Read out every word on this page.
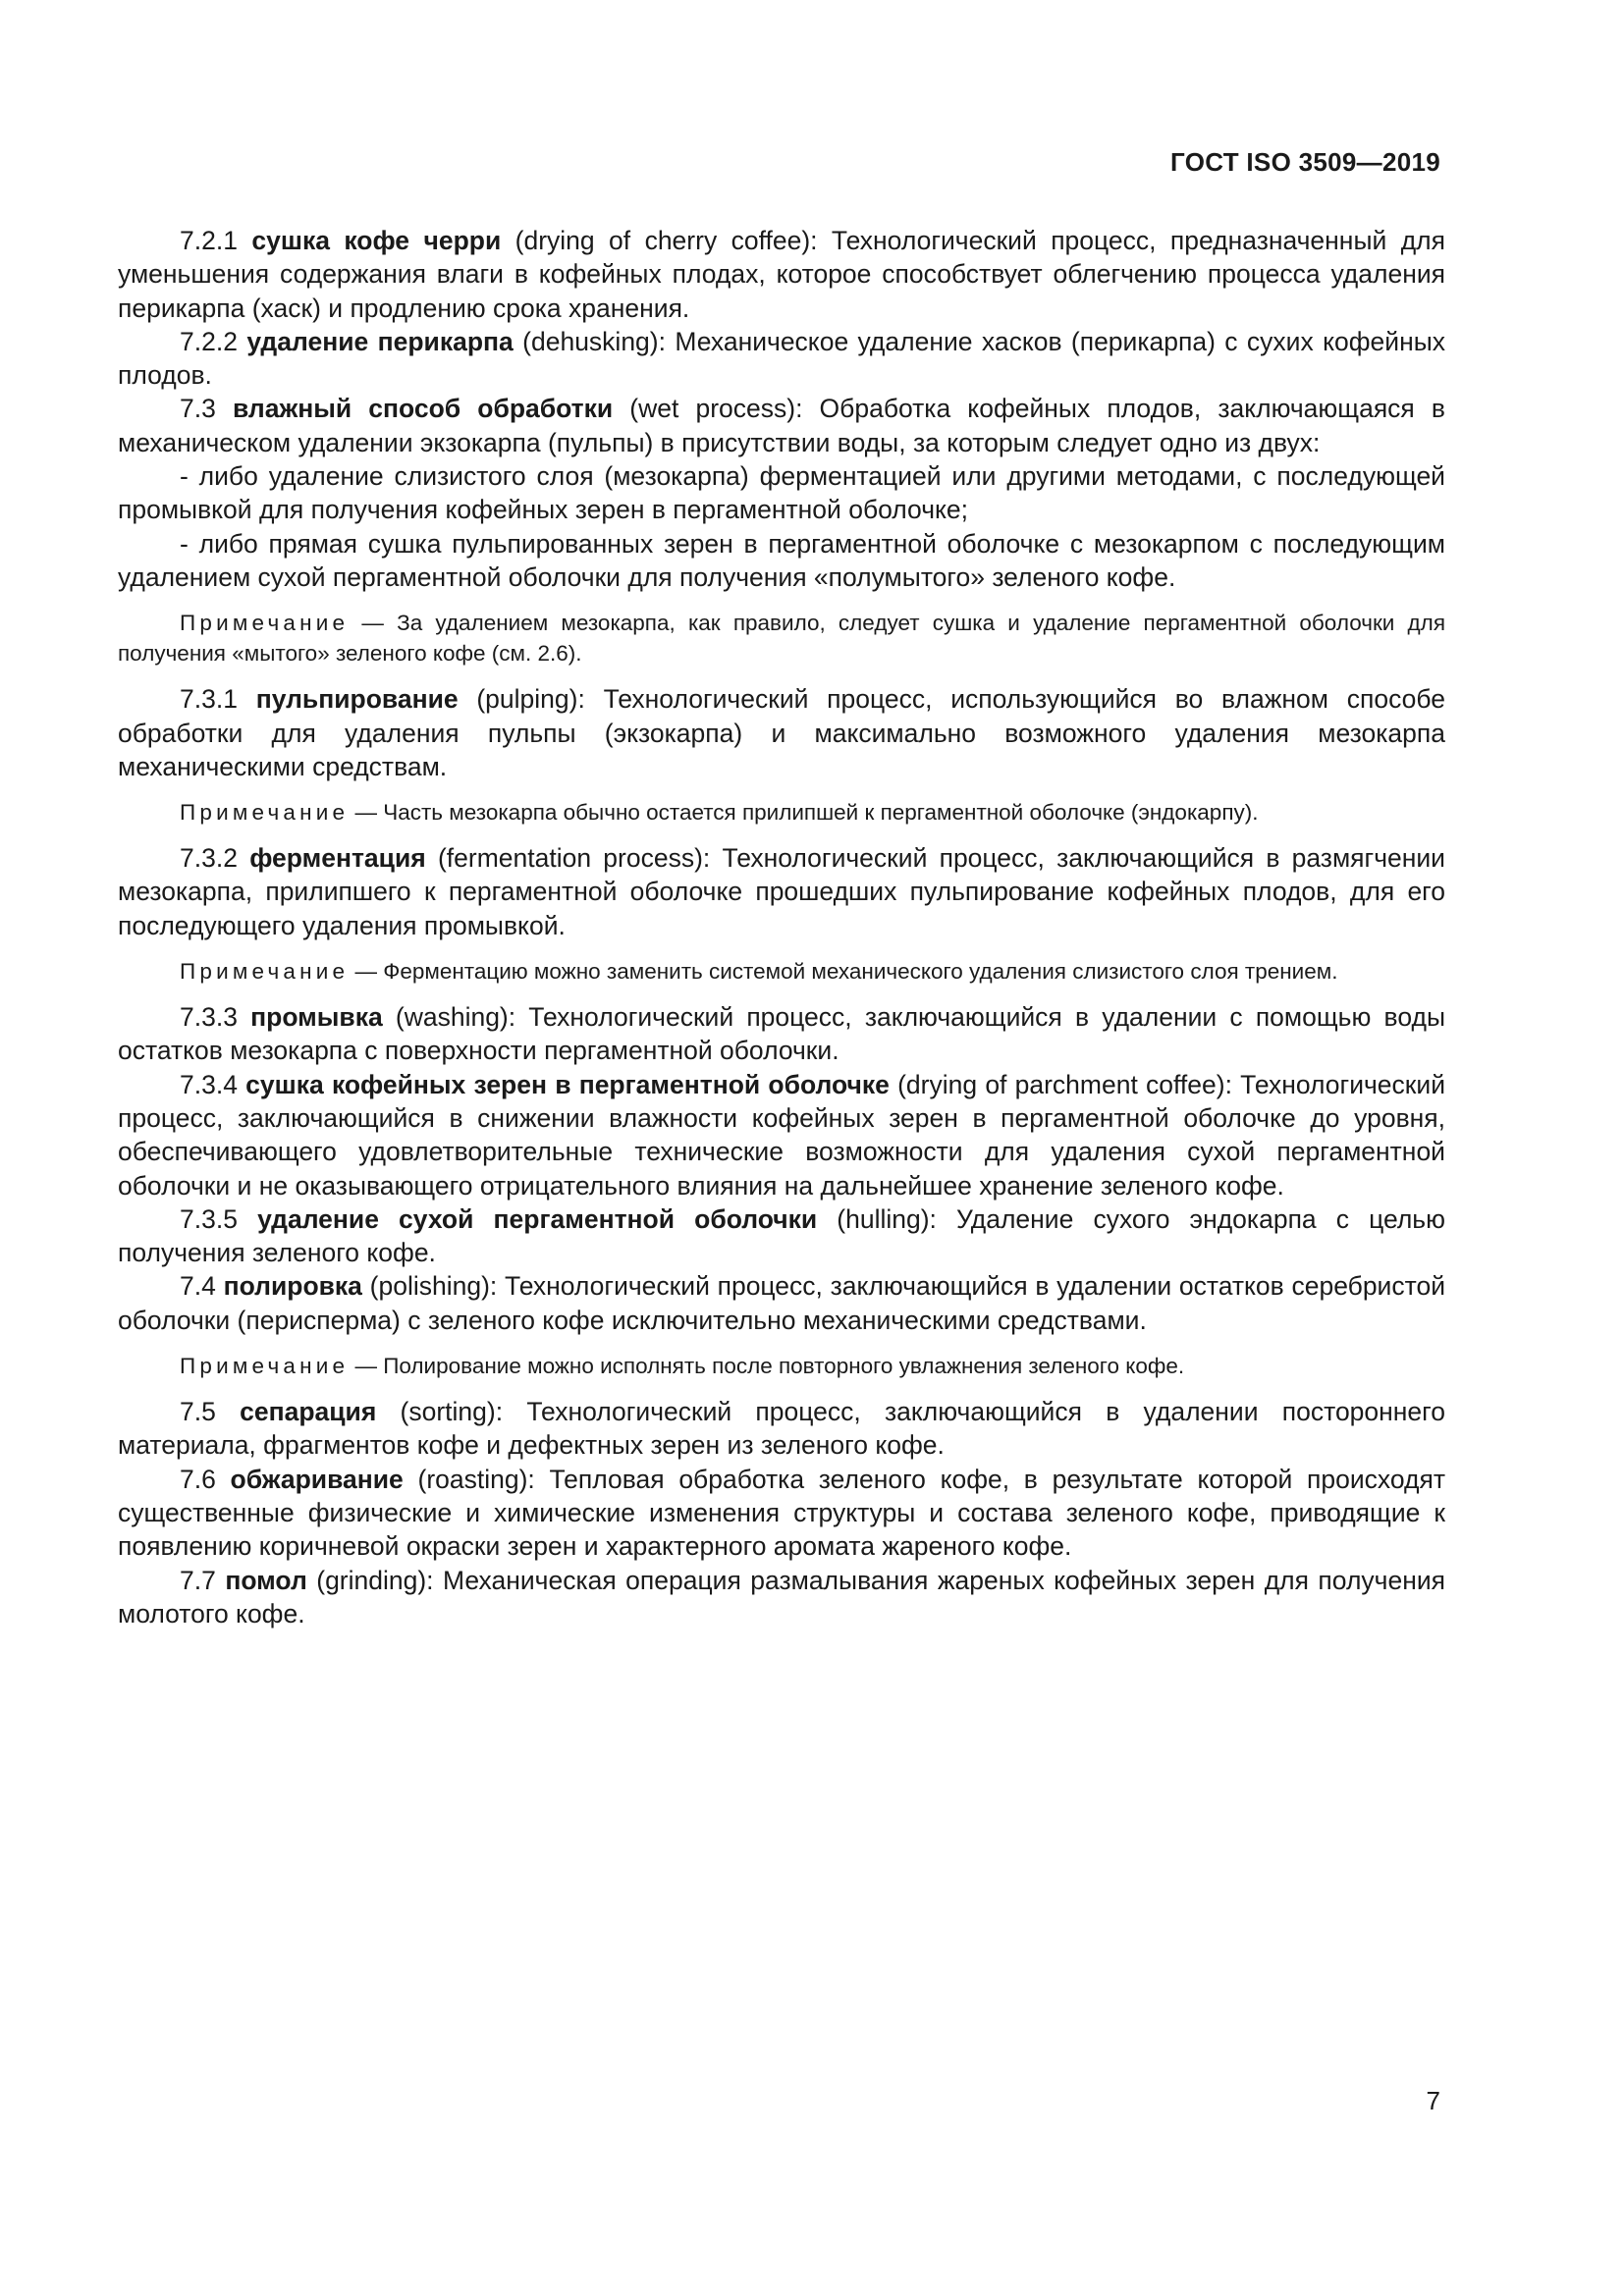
ГОСТ ISO 3509—2019

7.2.1 сушка кофе черри (drying of cherry coffee): Технологический процесс, предназначенный для уменьшения содержания влаги в кофейных плодах, которое способствует облегчению процесса удаления перикарпа (хаск) и продлению срока хранения.

7.2.2 удаление перикарпа (dehusking): Механическое удаление хасков (перикарпа) с сухих кофейных плодов.

7.3 влажный способ обработки (wet process): Обработка кофейных плодов, заключающаяся в механическом удалении экзокарпа (пульпы) в присутствии воды, за которым следует одно из двух:

- либо удаление слизистого слоя (мезокарпа) ферментацией или другими методами, с последующей промывкой для получения кофейных зерен в пергаментной оболочке;

- либо прямая сушка пульпированных зерен в пергаментной оболочке с мезокарпом с последующим удалением сухой пергаментной оболочки для получения «полумытого» зеленого кофе.

Примечание — За удалением мезокарпа, как правило, следует сушка и удаление пергаментной оболочки для получения «мытого» зеленого кофе (см. 2.6).

7.3.1 пульпирование (pulping): Технологический процесс, использующийся во влажном способе обработки для удаления пульпы (экзокарпа) и максимально возможного удаления мезокарпа механическими средствам.

Примечание — Часть мезокарпа обычно остается прилипшей к пергаментной оболочке (эндокарпу).

7.3.2 ферментация (fermentation process): Технологический процесс, заключающийся в размягчении мезокарпа, прилипшего к пергаментной оболочке прошедших пульпирование кофейных плодов, для его последующего удаления промывкой.

Примечание — Ферментацию можно заменить системой механического удаления слизистого слоя трением.

7.3.3 промывка (washing): Технологический процесс, заключающийся в удалении с помощью воды остатков мезокарпа с поверхности пергаментной оболочки.

7.3.4 сушка кофейных зерен в пергаментной оболочке (drying of parchment coffee): Технологический процесс, заключающийся в снижении влажности кофейных зерен в пергаментной оболочке до уровня, обеспечивающего удовлетворительные технические возможности для удаления сухой пергаментной оболочки и не оказывающего отрицательного влияния на дальнейшее хранение зеленого кофе.

7.3.5 удаление сухой пергаментной оболочки (hulling): Удаление сухого эндокарпа с целью получения зеленого кофе.

7.4 полировка (polishing): Технологический процесс, заключающийся в удалении остатков серебристой оболочки (перисперма) с зеленого кофе исключительно механическими средствами.

Примечание — Полирование можно исполнять после повторного увлажнения зеленого кофе.

7.5 сепарация (sorting): Технологический процесс, заключающийся в удалении постороннего материала, фрагментов кофе и дефектных зерен из зеленого кофе.

7.6 обжаривание (roasting): Тепловая обработка зеленого кофе, в результате которой происходят существенные физические и химические изменения структуры и состава зеленого кофе, приводящие к появлению коричневой окраски зерен и характерного аромата жареного кофе.

7.7 помол (grinding): Механическая операция размалывания жареных кофейных зерен для получения молотого кофе.

7
